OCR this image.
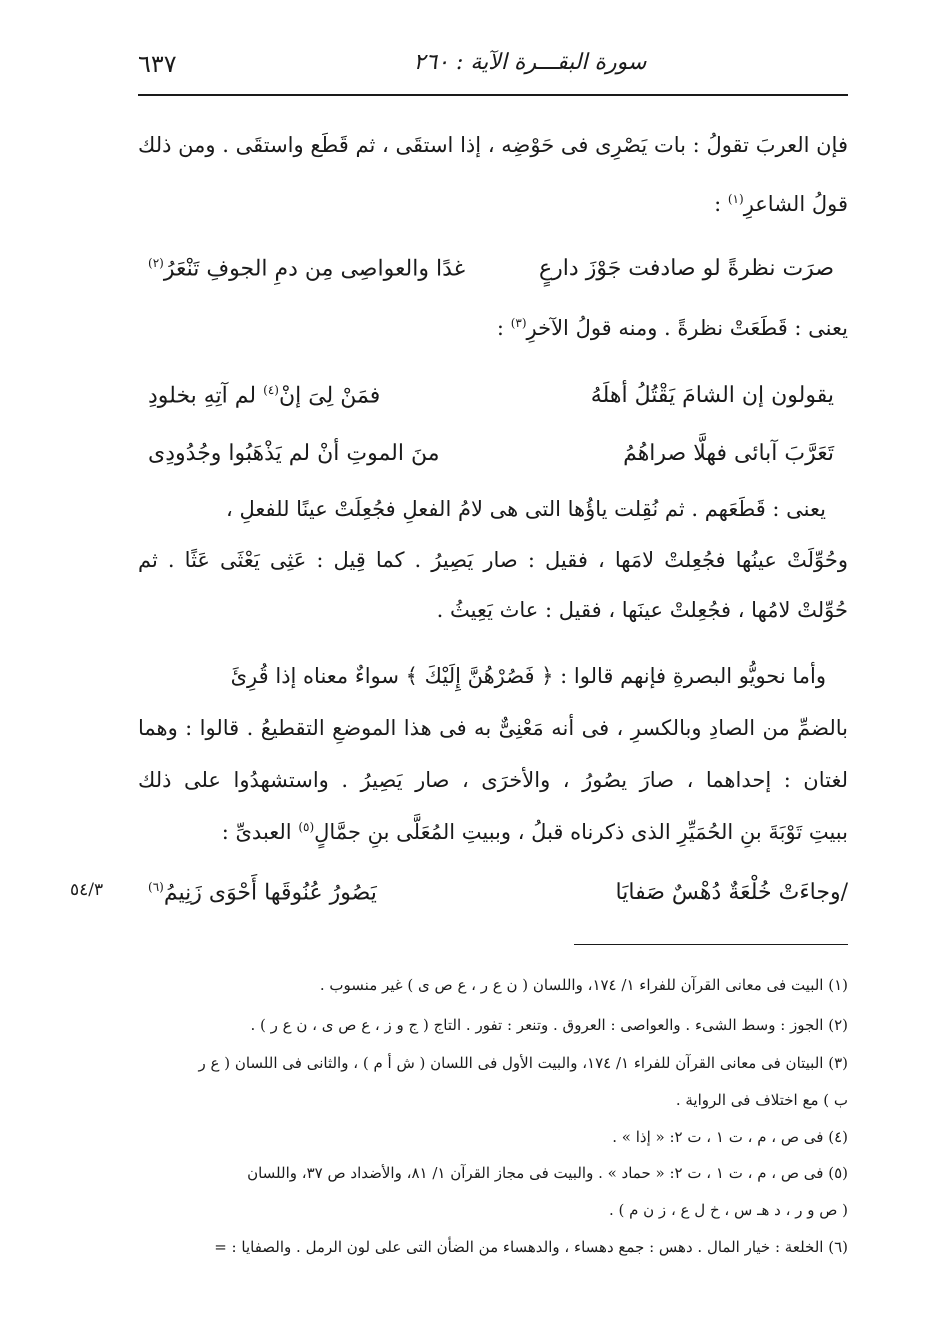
٦٣٧	سورة البقـــرة الآية : ٢٦٠
فإن العربَ تقولُ : بات يَصْرِى فى حَوْضِه ، إذا استقَى ، ثم قَطَع واستقَى . ومن ذلك
قولُ الشاعرِ$^{(١)}$ :
صرَت نظرةً لو صادفت جَوْزَ دارعٍ
غدًا والعواصِى مِن دمِ الجوفِ تَنْعَرُ$^{(٢)}$
يعنى : قَطَعَتْ نظرةً . ومنه قولُ الآخرِ$^{(٣)}$ :
يقولون إن الشامَ يَقْتُلُ أهلَهُ
فمَنْ لِىَ إنْ$^{(٤)}$ لم آتِهِ بخلودِ
تَعَرَّبَ آبائى فهلَّا صراهُمُ
منَ الموتِ أنْ لم يَذْهَبُوا وجُدُودِى
يعنى : قَطَعَهم . ثم نُقِلت ياؤُها التى هى لامُ الفعلِ فجُعِلَتْ عينًا للفعلِ ،
وحُوِّلَتْ عينُها فجُعِلتْ لامَها ، فقيل : صار يَصِيرُ . كما قِيل : عَثِى يَعْثَى عَثًا . ثم
حُوِّلتْ لامُها ، فجُعِلتْ عينَها ، فقيل : عاث يَعِيثُ .
وأما نحويُّو البصرةِ فإنهم قالوا : ﴿ فَصُرْهُنَّ إِلَيْكَ ﴾ سواءٌ معناه إذا قُرِئَ
بالضمِّ من الصادِ وبالكسرِ ، فى أنه مَعْنِىٌّ به فى هذا الموضعِ التقطيعُ . قالوا : وهما
لغتان : إحداهما ، صارَ يصُورُ ، والأخرَى ، صار يَصِيرُ . واستشهدُوا على ذلك
ببيتِ تَوْبَةَ بنِ الحُمَيِّرِ الذى ذكرناه قبلُ ، وببيتِ المُعَلَّى بنِ جمَّالٍ$^{(٥)}$ العبدىِّ :
/وجاءَتْ خُلْعَةٌ دُهْسٌ صَفايَا
يَصُورُ عُنُوقَها أَحْوَى زَنِيمُ$^{(٦)}$
٥٤/٣
(١) البيت فى معانى القرآن للفراء ١/ ١٧٤، واللسان ( ن ع ر ، ع ص ى ) غير منسوب .
(٢) الجوز : وسط الشىء . والعواصى : العروق . وتنعر : تفور . التاج ( ج و ز ، ع ص ى ، ن ع ر ) .
(٣) البيتان فى معانى القرآن للفراء ١/ ١٧٤، والبيت الأول فى اللسان ( ش أ م ) ، والثانى فى اللسان ( ع ر
ب ) مع اختلاف فى الرواية .
(٤) فى ص ، م ، ت ١ ، ت ٢: « إذا » .
(٥) فى ص ، م ، ت ١ ، ت ٢: « حماد » . والبيت فى مجاز القرآن ١/ ٨١، والأضداد ص ٣٧، واللسان
( ص و ر ، د هـ س ، خ ل ع ، ز ن م ) .
(٦) الخلعة : خيار المال . دهس : جمع دهساء ، والدهساء من الضأن التى على لون الرمل . والصفايا : =
